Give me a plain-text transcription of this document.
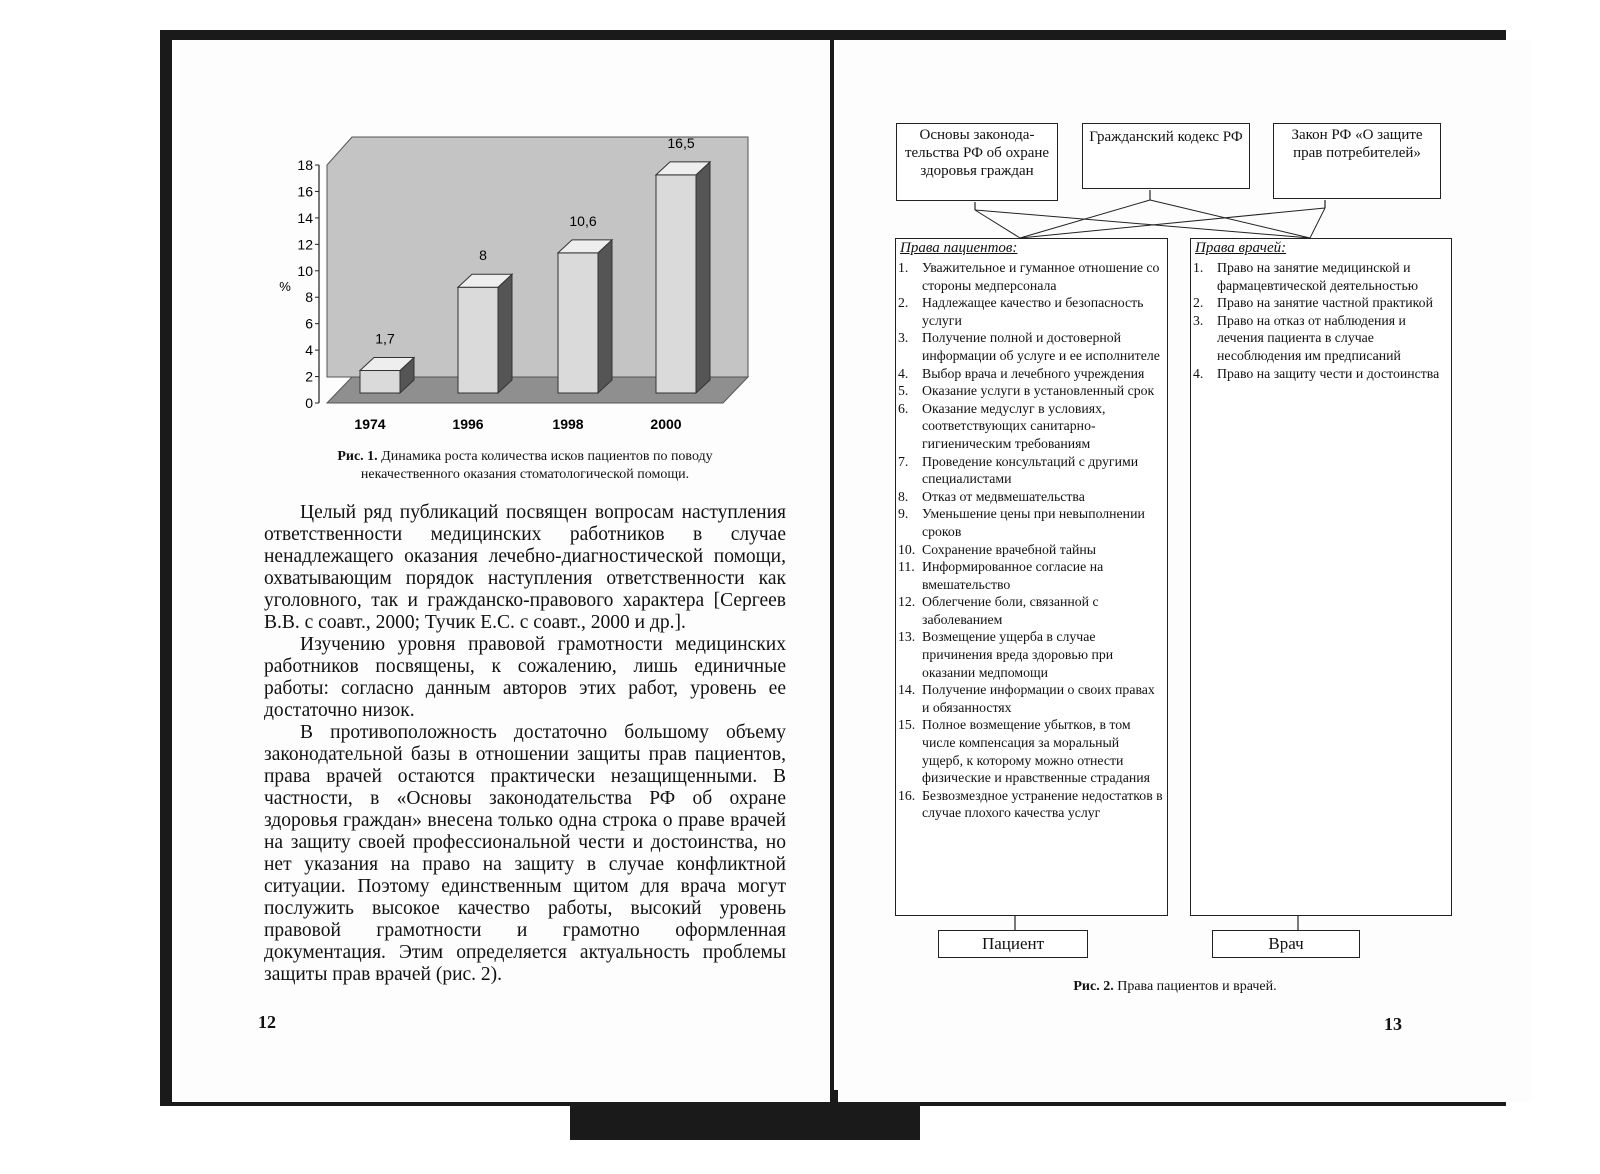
0
2
4
6
8
10
12
14
16
18
1,7
8
10,6
16,5
1974	1996	1998	2000
%
Рис. 1. Динамика роста количества исков пациентов по поводу
некачественного оказания стоматологической помощи.

Целый ряд публикаций посвящен вопросам наступления ответственности медицинских работников в случае ненадлежащего оказания лечебно-диагностической помощи, охватывающим порядок наступления ответственности как уголовного, так и гражданско-правового характера [Сергеев В.В. с соавт., 2000; Тучик Е.С. с соавт., 2000 и др.].

Изучению уровня правовой грамотности медицинских работников посвящены, к сожалению, лишь единичные работы: согласно данным авторов этих работ, уровень ее достаточно низок.

В противоположность достаточно большому объему законодательной базы в отношении защиты прав пациентов, права врачей остаются практически незащищенными. В частности, в «Основы законодательства РФ об охране здоровья граждан» внесена только одна строка о праве врачей на защиту своей профессиональной чести и достоинства, но нет указания на право на защиту в случае конфликтной ситуации. Поэтому единственным щитом для врача могут послужить высокое качество работы, высокий уровень правовой грамотности и грамотно оформленная документация. Этим определяется актуальность проблемы защиты прав врачей (рис. 2).

12
Основы законода-тельства РФ об охране здоровья граждан
Гражданский кодекс РФ	Закон РФ «О защите прав потребителей»
Права пациентов:
1. Уважительное и гуманное отношение со стороны медперсонала
2. Надлежащее качество и безопасность услуги
3. Получение полной и достоверной информации об услуге и ее исполнителе
4. Выбор врача и лечебного учреждения
5. Оказание услуги в установленный срок
6. Оказание медуслуг в условиях, соответствующих санитарно-гигиеническим требованиям
7. Проведение консультаций с другими специалистами
8. Отказ от медвмешательства
9. Уменьшение цены при невыполнении сроков
10. Сохранение врачебной тайны
11. Информированное согласие на вмешательство
12. Облегчение боли, связанной с заболеванием
13. Возмещение ущерба в случае причинения вреда здоровью при оказании медпомощи
14. Получение информации о своих правах и обязанностях
15. Полное возмещение убытков, в том числе компенсация за моральный ущерб, к которому можно отнести физические и нравственные страдания
16. Безвозмездное устранение недостатков в случае плохого качества услуг
Права врачей:
1. Право на занятие медицинской и фармацевтической деятельностью
2. Право на занятие частной практикой
3. Право на отказ от наблюдения и лечения пациента в случае несоблюдения им предписаний
4. Право на защиту чести и достоинства
Пациент	Врач
Рис. 2. Права пациентов и врачей.
13
